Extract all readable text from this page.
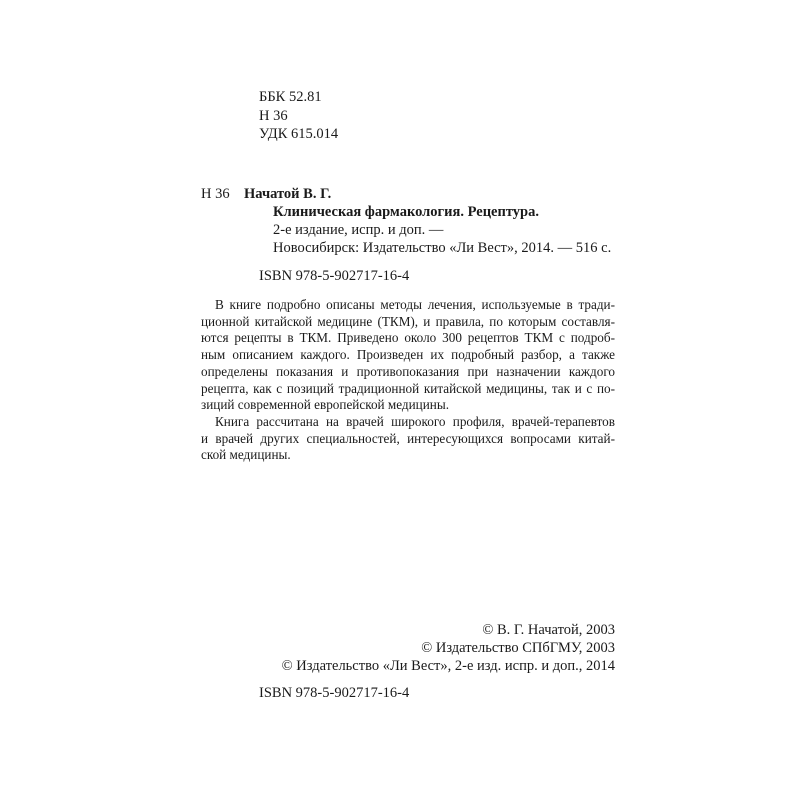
ББК 52.81
Н 36
УДК 615.014
Н 36 Начатой В. Г.
Клиническая фармакология. Рецептура.
2-е издание, испр. и доп. —
Новосибирск: Издательство «Ли Вест», 2014. — 516 с.
ISBN 978-5-902717-16-4

В книге подробно описаны методы лечения, используемые в тради-
ционной китайской медицине (ТКМ), и правила, по которым составля-
ются рецепты в ТКМ. Приведено около 300 рецептов ТКМ с подроб-
ным описанием каждого. Произведен их подробный разбор, а также
определены показания и противопоказания при назначении каждого
рецепта, как с позиций традиционной китайской медицины, так и с по-
зиций современной европейской медицины.

Книга рассчитана на врачей широкого профиля, врачей-терапевтов
и врачей других специальностей, интересующихся вопросами китай-
ской медицины.

© В. Г. Начатой, 2003
© Издательство СПбГМУ, 2003
© Издательство «Ли Вест», 2-е изд. испр. и доп., 2014
ISBN 978-5-902717-16-4
